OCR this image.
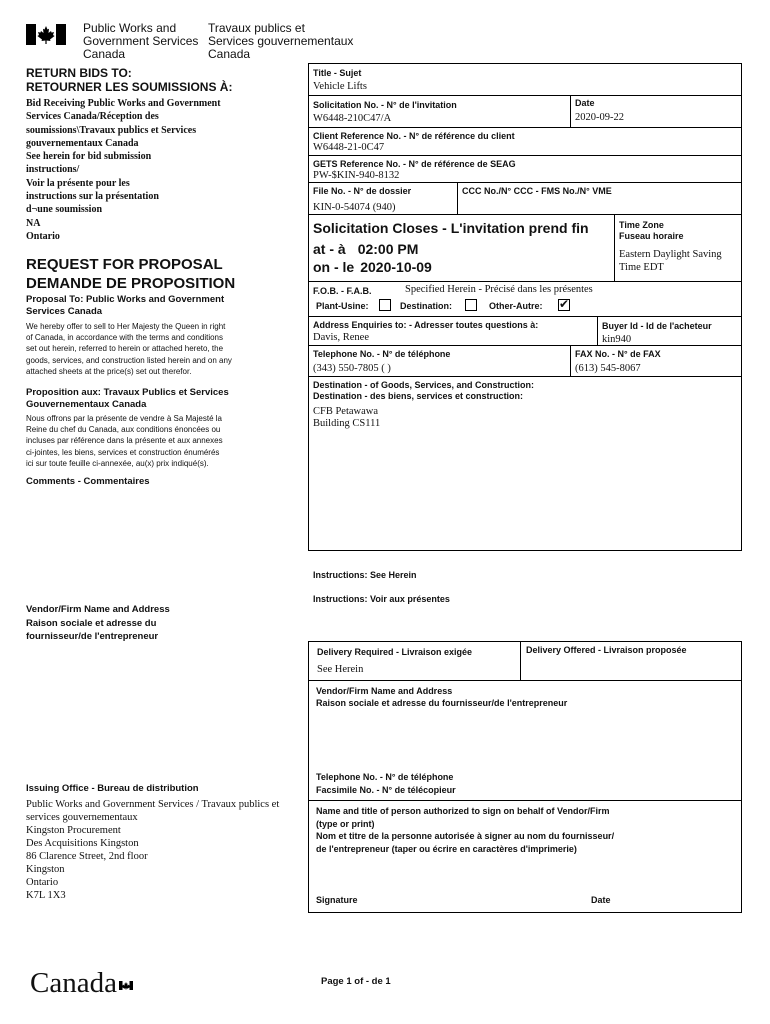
Public Works and
Government Services
Canada
Travaux publics et
Services gouvernementaux
Canada
RETURN BIDS TO:
RETOURNER LES SOUMISSIONS À:
Bid Receiving Public Works and Government
Services Canada/Réception des
soumissions\Travaux publics et Services
gouvernementaux Canada
See herein for bid submission
instructions/
Voir la présente pour les
instructions sur la présentation
d¬une soumission
NA
Ontario
REQUEST FOR PROPOSAL
DEMANDE DE PROPOSITION
Proposal To: Public Works and Government
Services Canada
We hereby offer to sell to Her Majesty the Queen in right
of Canada, in accordance with the terms and conditions
set out herein, referred to herein or attached hereto, the
goods, services, and construction listed herein and on any
attached sheets at the price(s) set out therefor.
Proposition aux: Travaux Publics et Services
Gouvernementaux Canada
Nous offrons par la présente de vendre à Sa Majesté la
Reine du chef du Canada, aux conditions énoncées ou
incluses par référence dans la présente et aux annexes
ci-jointes, les biens, services et construction énumérés
ici sur toute feuille ci-annexée, au(x) prix indiqué(s).
Comments - Commentaires
Vendor/Firm Name and Address
Raison sociale et adresse du
fournisseur/de l'entrepreneur
Issuing Office - Bureau de distribution
Public Works and Government Services / Travaux publics et
services gouvernementaux
Kingston Procurement
Des Acquisitions Kingston
86 Clarence Street, 2nd floor
Kingston
Ontario
K7L 1X3
Title - Sujet
Vehicle Lifts
Solicitation No. - N° de l'invitation
W6448-210C47/A
Date
2020-09-22
Client Reference No. - N° de référence du client
W6448-21-0C47
GETS Reference No. - N° de référence de SEAG
PW-$KIN-940-8132
File No. - N° de dossier
KIN-0-54074 (940)
CCC No./N° CCC - FMS No./N° VME
Solicitation Closes - L'invitation prend fin
at - à 02:00 PM
on - le 2020-10-09
Time Zone
Fuseau horaire
Eastern Daylight Saving
Time EDT
F.O.B. - F.A.B.	Specified Herein - Précisé dans les présentes
Plant-Usine:	Destination:	Other-Autre: ✔
Address Enquiries to: - Adresser toutes questions à:
Davis, Renee
Buyer Id - Id de l'acheteur
kin940
Telephone No. - N° de téléphone
(343) 550-7805 ( )
FAX No. - N° de FAX
(613) 545-8067
Destination - of Goods, Services, and Construction:
Destination - des biens, services et construction:
CFB Petawawa
Building CS111
Instructions: See Herein
Instructions: Voir aux présentes
Delivery Required - Livraison exigée
See Herein
Delivery Offered - Livraison proposée
Vendor/Firm Name and Address
Raison sociale et adresse du fournisseur/de l'entrepreneur
Telephone No. - N° de téléphone
Facsimile No. - N° de télécopieur
Name and title of person authorized to sign on behalf of Vendor/Firm
(type or print)
Nom et titre de la personne autorisée à signer au nom du fournisseur/
de l'entrepreneur (taper ou écrire en caractères d'imprimerie)
Signature	Date
Canada	Page 1 of - de 1
